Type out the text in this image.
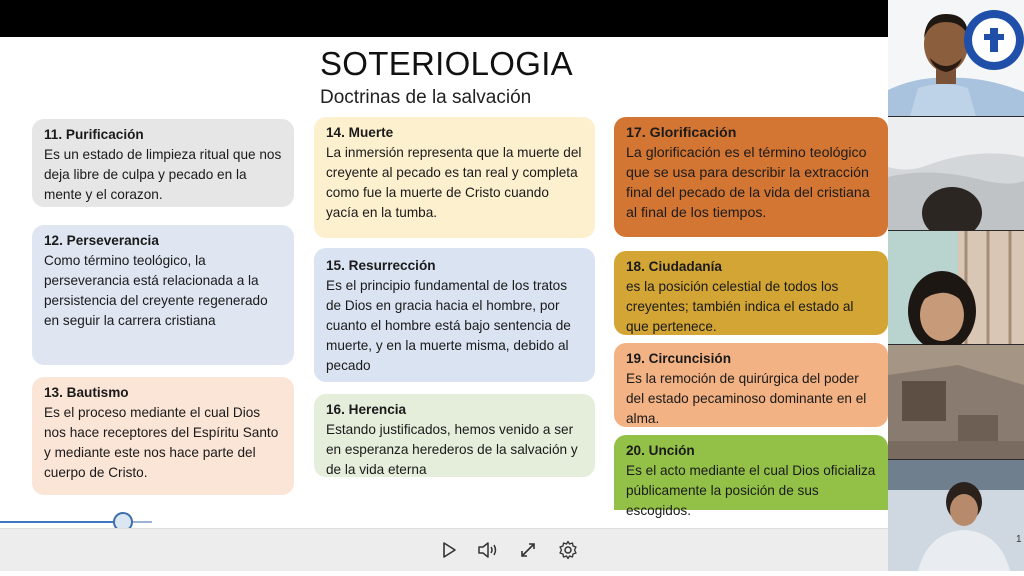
SOTERIOLOGIA
Doctrinas de la salvación
11. Purificación
Es un estado de limpieza ritual que nos deja libre de culpa y pecado en la mente y el corazon.
12. Perseverancia
Como término teológico, la perseverancia está relacionada a la persistencia del creyente regenerado en seguir la carrera cristiana
13. Bautismo
Es el proceso mediante el cual Dios nos hace receptores del Espíritu Santo y mediante este nos hace parte del cuerpo de Cristo.
14. Muerte
La inmersión representa que la muerte del creyente al pecado es tan real y completa como fue la muerte de Cristo cuando yacía en la tumba.
15. Resurrección
Es el principio fundamental de los tratos de Dios en gracia hacia el hombre, por cuanto el hombre está bajo sentencia de muerte, y en la muerte misma, debido al pecado
16. Herencia
Estando justificados, hemos venido a ser en esperanza herederos de la salvación y de la vida eterna
17. Glorificación
La glorificación es el término teológico que se usa para describir la extracción final del pecado de la vida del cristiana al final de los tiempos.
18. Ciudadanía
es la posición celestial de todos los creyentes; también indica el estado al que pertenece.
19. Circuncisión
Es la remoción de quirúrgica del poder del estado pecaminoso dominante en el alma.
20. Unción
Es el acto mediante el cual Dios oficializa públicamente la posición de sus escogidos.
1
